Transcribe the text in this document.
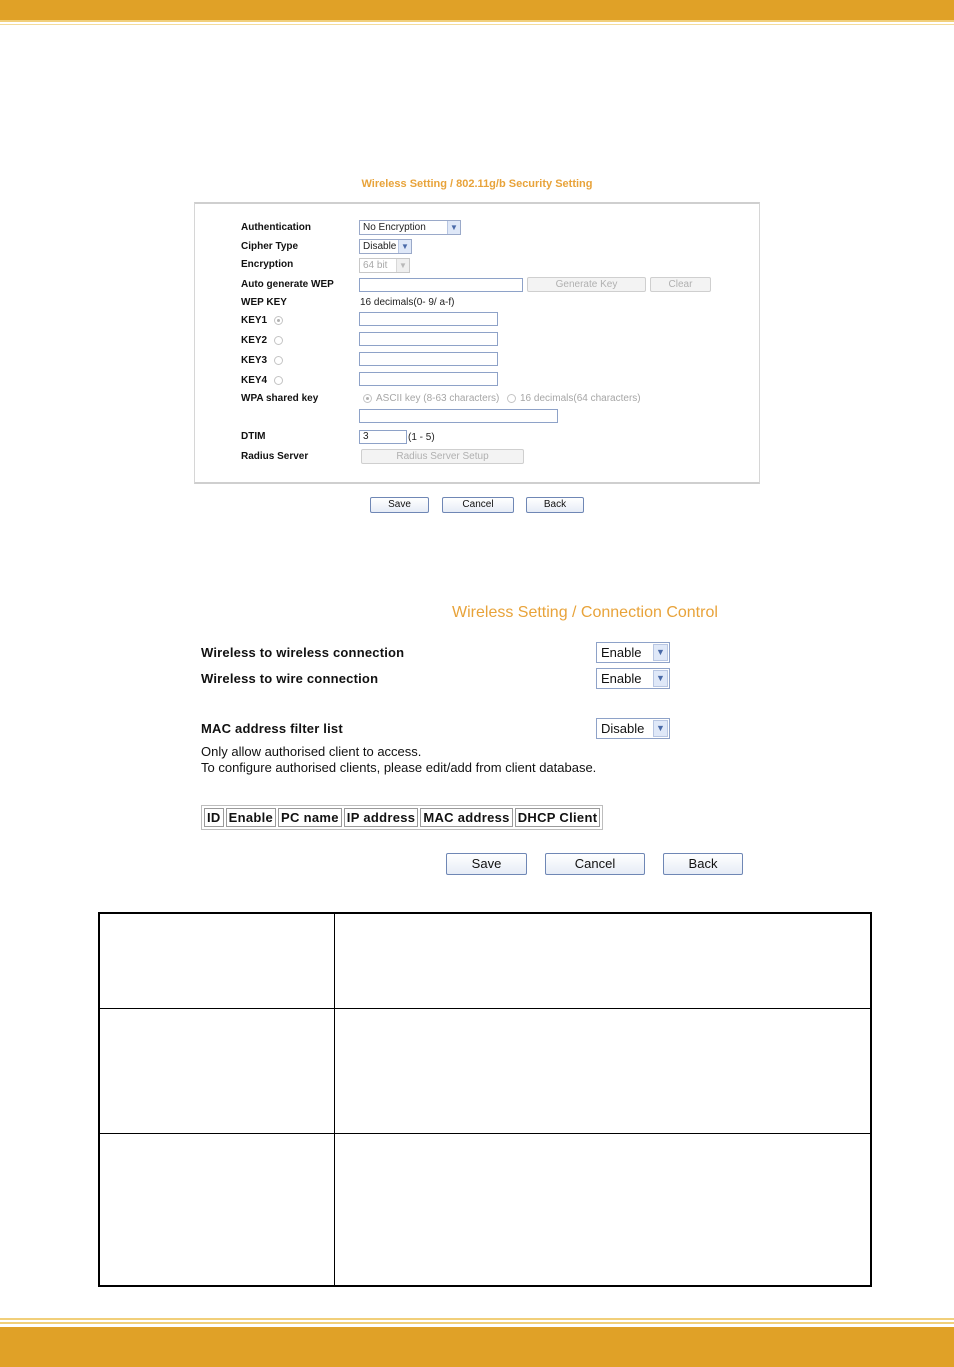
Wireless Setting / 802.11g/b Security Setting
Authentication	No Encryption	▼
Cipher Type	Disable ▼
Encryption	64 bit	▼
Auto generate WEP	Generate Key	Clear
WEP KEY	16 decimals(0- 9/ a-f)
KEY1
KEY2
KEY3
KEY4
WPA shared key	ASCII key (8-63 characters) 16 decimals(64 characters)
DTIM	3	(1 - 5)
Radius Server	Radius Server Setup
Save	Cancel	Back
Wireless Setting / Connection Control
Wireless to wireless connection	Enable	▼
Wireless to wire connection	Enable	▼
MAC address filter list	Disable	▼
Only allow authorised client to access.
To configure authorised clients, please edit/add from client database.
ID	Enable	PC name	IP address	MAC address	DHCP Client
Save	Cancel	Back
